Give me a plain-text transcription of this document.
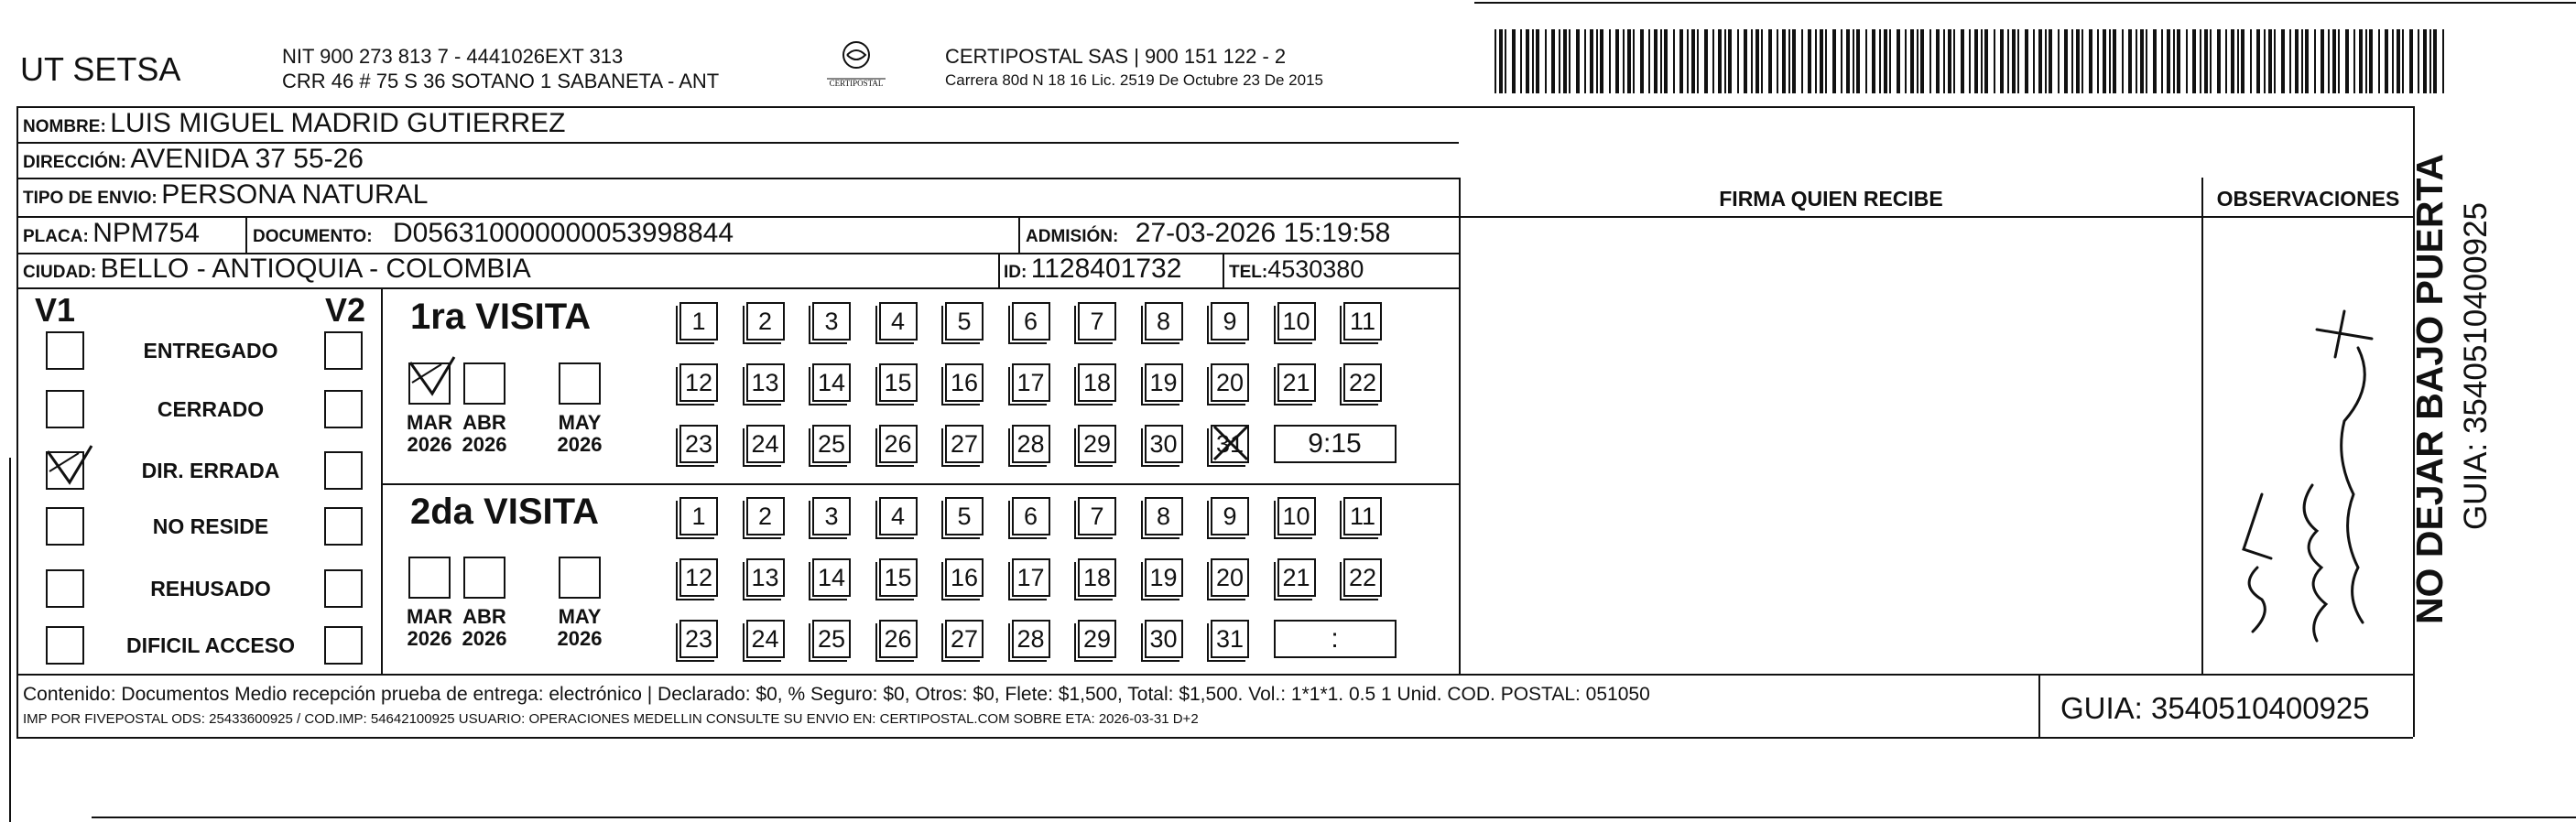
UT SETSA	NIT 900 273 813 7 - 4441026EXT 313
CRR 46 # 75 S 36 SOTANO 1 SABANETA - ANT	CERTIPOSTAL
CERTIPOSTAL SAS | 900 151 122 - 2
Carrera 80d N 18 16 Lic. 2519 De Octubre 23 De 2015
NOMBRE: LUIS MIGUEL MADRID GUTIERREZ
DIRECCIÓN: AVENIDA 37 55-26
TIPO DE ENVIO: PERSONA NATURAL	FIRMA QUIEN RECIBE	OBSERVACIONES
PLACA: NPM754	DOCUMENTO: D056310000000053998844	ADMISIÓN: 27-03-2026 15:19:58
CIUDAD: BELLO - ANTIOQUIA - COLOMBIA	ID: 1128401732	TEL:4530380
V1	V2
ENTREGADO
CERRADO
DIR. ERRADA
NO RESIDE
REHUSADO
DIFICIL ACCESO
1ra VISITA
2da VISITA
MAR
2026
ABR
2026
MAY
2026
MAR
2026
ABR
2026
MAY
2026
1	2	3	4	5	6	7	8	9	10 11
12 13 14 15 16 17 18 19 20 21 22
23 24 25 26 27 28 29 30 31	9:15
1	2	3	4	5	6	7	8	9	10 11
12 13 14 15 16 17 18 19 20 21 22
23 24 25 26 27 28 29 30 31	:
Contenido: Documentos Medio recepción prueba de entrega: electrónico | Declarado: $0, % Seguro: $0, Otros: $0, Flete: $1,500, Total: $1,500. Vol.: 1*1*1. 0.5 1 Unid. COD. POSTAL: 051050
IMP POR FIVEPOSTAL ODS: 25433600925 / COD.IMP: 54642100925 USUARIO: OPERACIONES MEDELLIN CONSULTE SU ENVIO EN: CERTIPOSTAL.COM SOBRE ETA: 2026-03-31 D+2	GUIA: 3540510400925
NO DEJAR BAJO PUERTA GUIA: 3540510400925
